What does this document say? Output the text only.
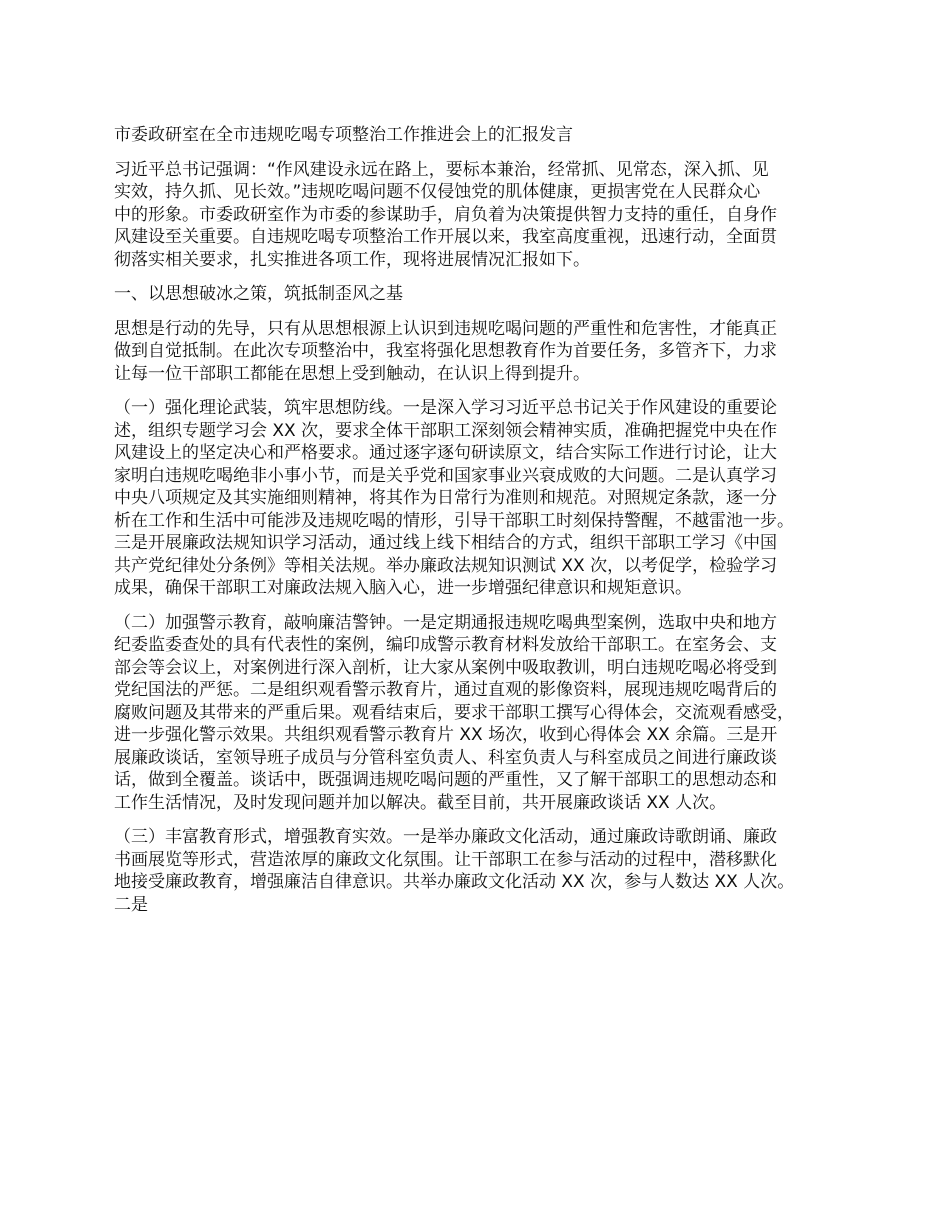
市委政研室在全市违规吃喝专项整治工作推进会上的汇报发言
习近平总书记强调：“作风建设永远在路上，要标本兼治，经常抓、见常态，深入抓、见
实效，持久抓、见长效。”违规吃喝问题不仅侵蚀党的肌体健康，更损害党在人民群众心
中的形象。市委政研室作为市委的参谋助手，肩负着为决策提供智力支持的重任，自身作
风建设至关重要。自违规吃喝专项整治工作开展以来，我室高度重视，迅速行动，全面贯
彻落实相关要求，扎实推进各项工作，现将进展情况汇报如下。
一、以思想破冰之策，筑抵制歪风之基
思想是行动的先导，只有从思想根源上认识到违规吃喝问题的严重性和危害性，才能真正
做到自觉抵制。在此次专项整治中，我室将强化思想教育作为首要任务，多管齐下，力求
让每一位干部职工都能在思想上受到触动，在认识上得到提升。
（一）强化理论武装，筑牢思想防线。一是深入学习习近平总书记关于作风建设的重要论
述，组织专题学习会 XX 次，要求全体干部职工深刻领会精神实质，准确把握党中央在作
风建设上的坚定决心和严格要求。通过逐字逐句研读原文，结合实际工作进行讨论，让大
家明白违规吃喝绝非小事小节，而是关乎党和国家事业兴衰成败的大问题。二是认真学习
中央八项规定及其实施细则精神，将其作为日常行为准则和规范。对照规定条款，逐一分
析在工作和生活中可能涉及违规吃喝的情形，引导干部职工时刻保持警醒，不越雷池一步。
三是开展廉政法规知识学习活动，通过线上线下相结合的方式，组织干部职工学习《中国
共产党纪律处分条例》等相关法规。举办廉政法规知识测试 XX 次，以考促学，检验学习
成果，确保干部职工对廉政法规入脑入心，进一步增强纪律意识和规矩意识。
（二）加强警示教育，敲响廉洁警钟。一是定期通报违规吃喝典型案例，选取中央和地方
纪委监委查处的具有代表性的案例，编印成警示教育材料发放给干部职工。在室务会、支
部会等会议上，对案例进行深入剖析，让大家从案例中吸取教训，明白违规吃喝必将受到
党纪国法的严惩。二是组织观看警示教育片，通过直观的影像资料，展现违规吃喝背后的
腐败问题及其带来的严重后果。观看结束后，要求干部职工撰写心得体会，交流观看感受，
进一步强化警示效果。共组织观看警示教育片 XX 场次，收到心得体会 XX 余篇。三是开
展廉政谈话，室领导班子成员与分管科室负责人、科室负责人与科室成员之间进行廉政谈
话，做到全覆盖。谈话中，既强调违规吃喝问题的严重性，又了解干部职工的思想动态和
工作生活情况，及时发现问题并加以解决。截至目前，共开展廉政谈话 XX 人次。
（三）丰富教育形式，增强教育实效。一是举办廉政文化活动，通过廉政诗歌朗诵、廉政
书画展览等形式，营造浓厚的廉政文化氛围。让干部职工在参与活动的过程中，潜移默化
地接受廉政教育，增强廉洁自律意识。共举办廉政文化活动 XX 次，参与人数达 XX 人次。
二是
